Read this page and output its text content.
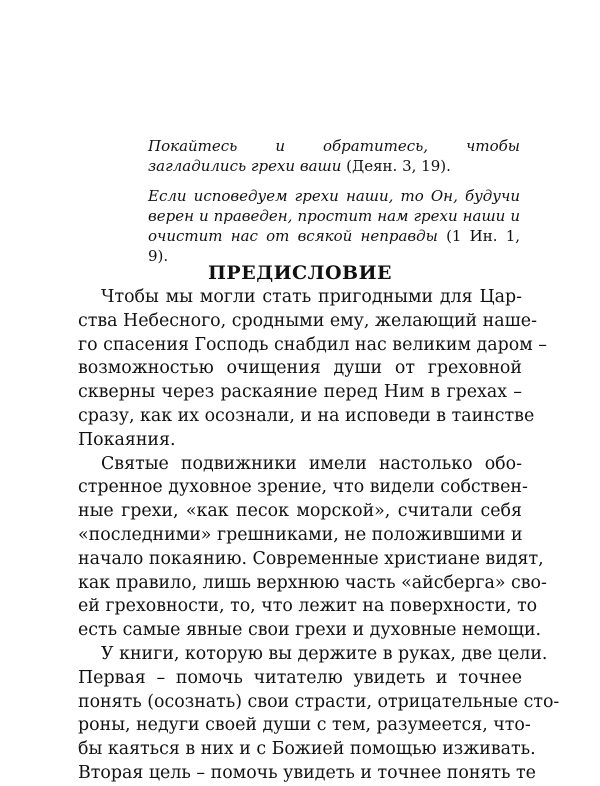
Покайтесь и обратитесь, чтобы загладились грехи ваши (Деян. 3, 19).

Если исповедуем грехи наши, то Он, будучи верен и праведен, простит нам грехи наши и очистит нас от всякой неправды (1 Ин. 1, 9).

ПРЕДИСЛОВИЕ
Чтобы мы могли стать пригодными для Цар-
ства Небесного, сродными ему, желающий наше-
го спасения Господь снабдил нас великим даром –
возможностью очищения души от греховной
скверны через раскаяние перед Ним в грехах –
сразу, как их осознали, и на исповеди в таинстве
Покаяния.
Святые подвижники имели настолько обо-
стренное духовное зрение, что видели собствен-
ные грехи, «как песок морской», считали себя
«последними» грешниками, не положившими и
начало покаянию. Современные христиане видят,
как правило, лишь верхнюю часть «айсберга» сво-
ей греховности, то, что лежит на поверхности, то
есть самые явные свои грехи и духовные немощи.
У книги, которую вы держите в руках, две цели.
Первая – помочь читателю увидеть и точнее
понять (осознать) свои страсти, отрицательные сто-
роны, недуги своей души с тем, разумеется, что-
бы каяться в них и с Божией помощью изживать.
Вторая цель – помочь увидеть и точнее понять те
